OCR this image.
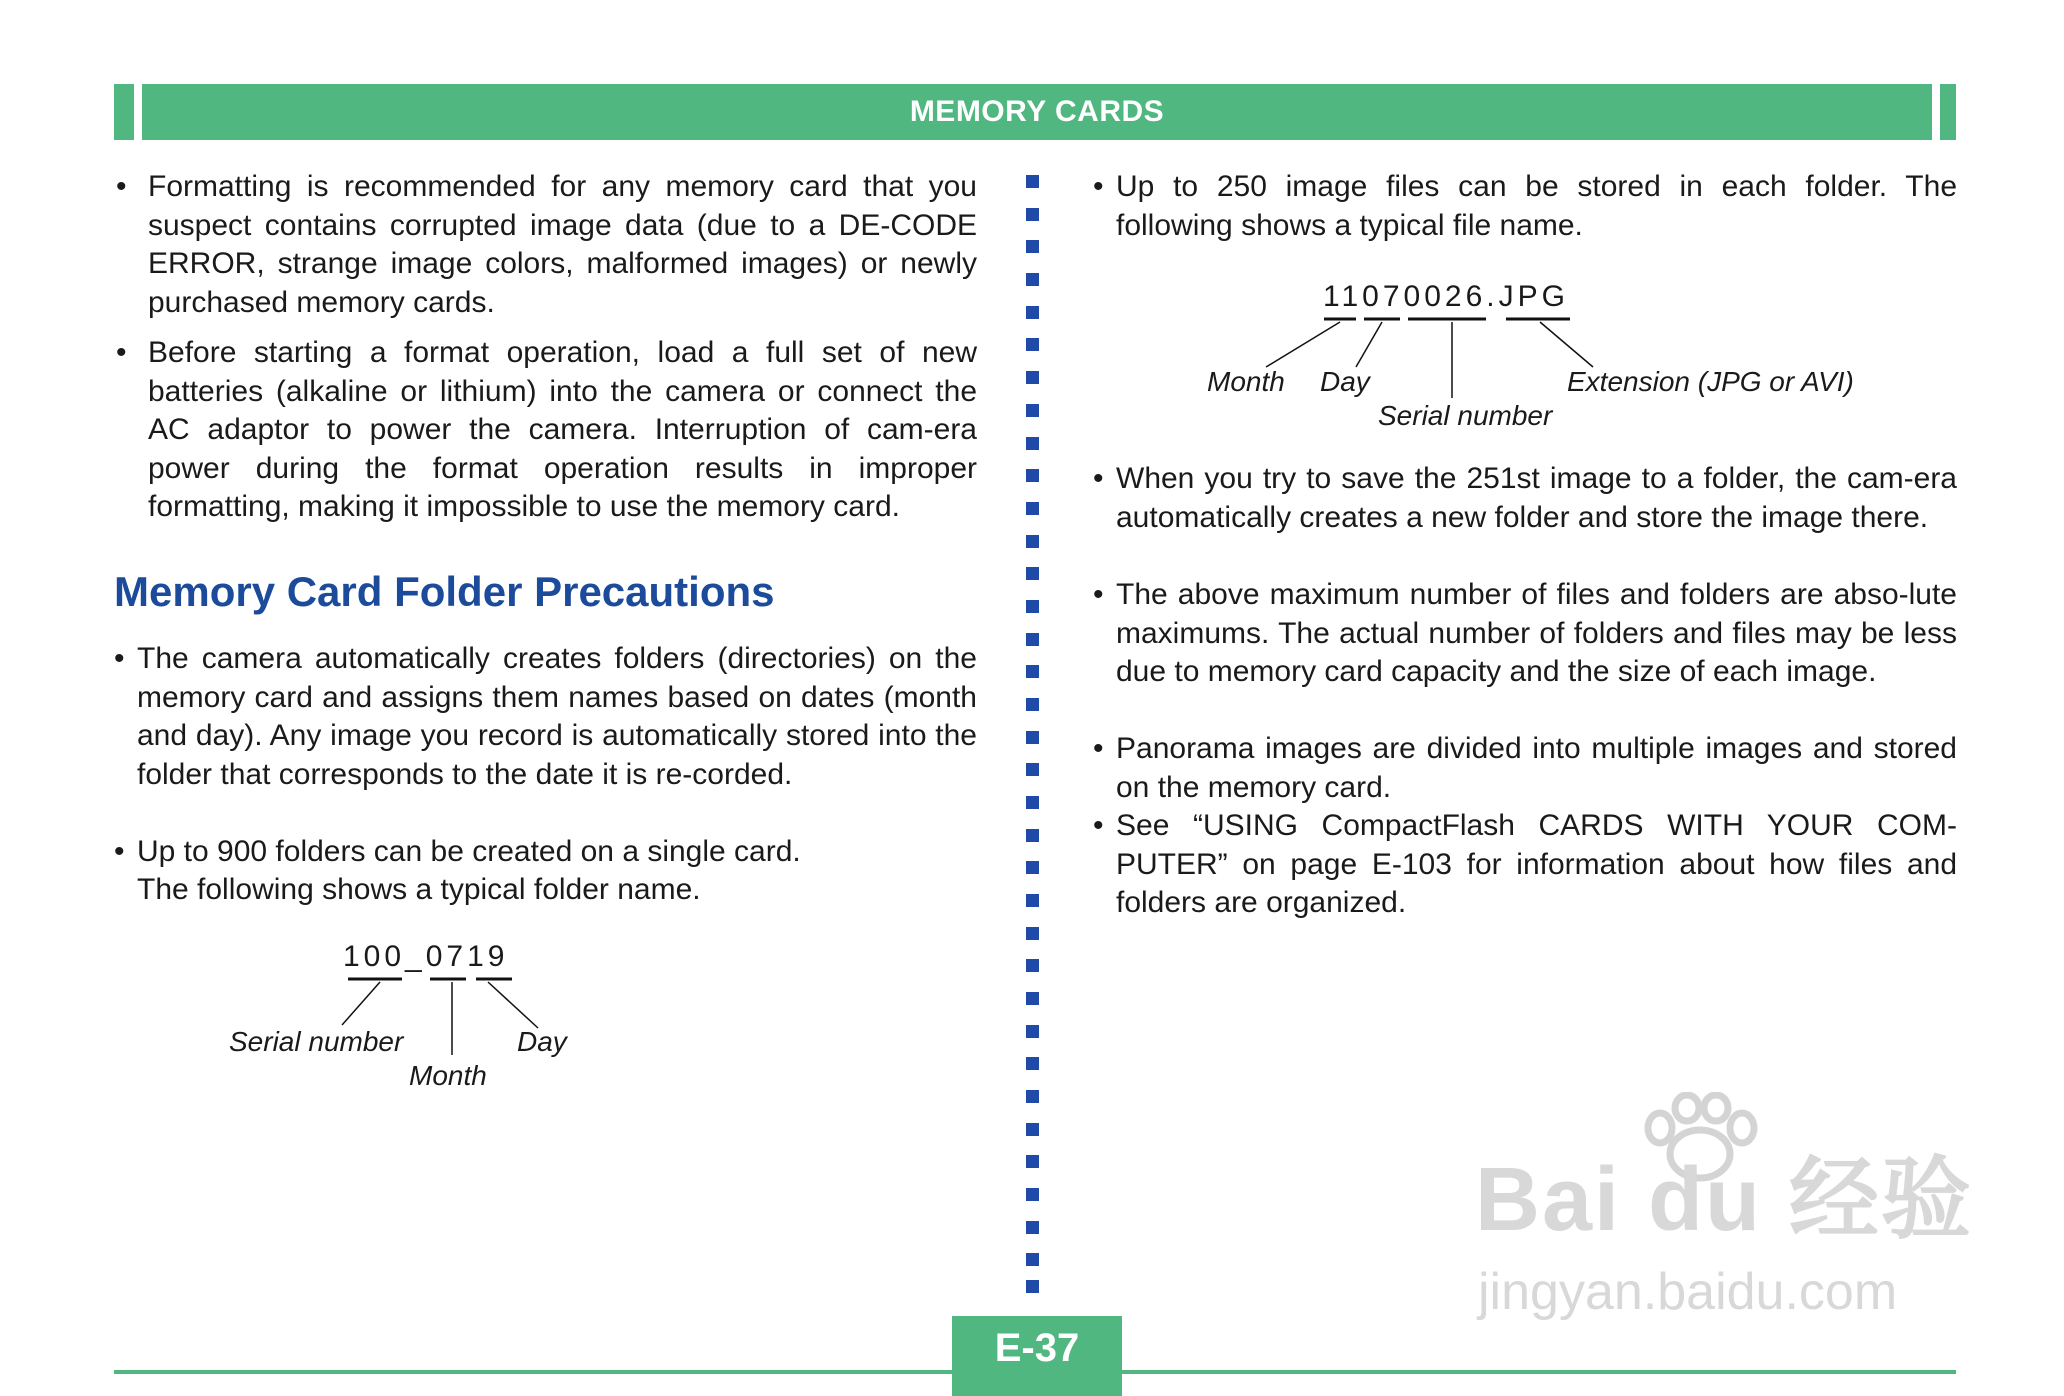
MEMORY CARDS
• Formatting is recommended for any memory card that you suspect contains corrupted image data (due to a DE-CODE ERROR, strange image colors, malformed images) or newly purchased memory cards.
• Before starting a format operation, load a full set of new batteries (alkaline or lithium) into the camera or connect the AC adaptor to power the camera. Interruption of cam-era power during the format operation results in improper formatting, making it impossible to use the memory card.
Memory Card Folder Precautions
• The camera automatically creates folders (directories) on the memory card and assigns them names based on dates (month and day). Any image you record is automatically stored into the folder that corresponds to the date it is re-corded.
• Up to 900 folders can be created on a single card.
The following shows a typical folder name.
100_0719
Serial number	Day
Month
• Up to 250 image files can be stored in each folder. The following shows a typical file name.
11070026.JPG
Month Day	Extension (JPG or AVI)
Serial number
• When you try to save the 251st image to a folder, the cam-era automatically creates a new folder and store the image there.
• The above maximum number of files and folders are abso-lute maximums. The actual number of folders and files may be less due to memory card capacity and the size of each image.
• Panorama images are divided into multiple images and stored on the memory card.
• See “USING CompactFlash CARDS WITH YOUR COM-PUTER” on page E-103 for information about how files and folders are organized.
Bai du 经验
jingyan.baidu.com
E-37
